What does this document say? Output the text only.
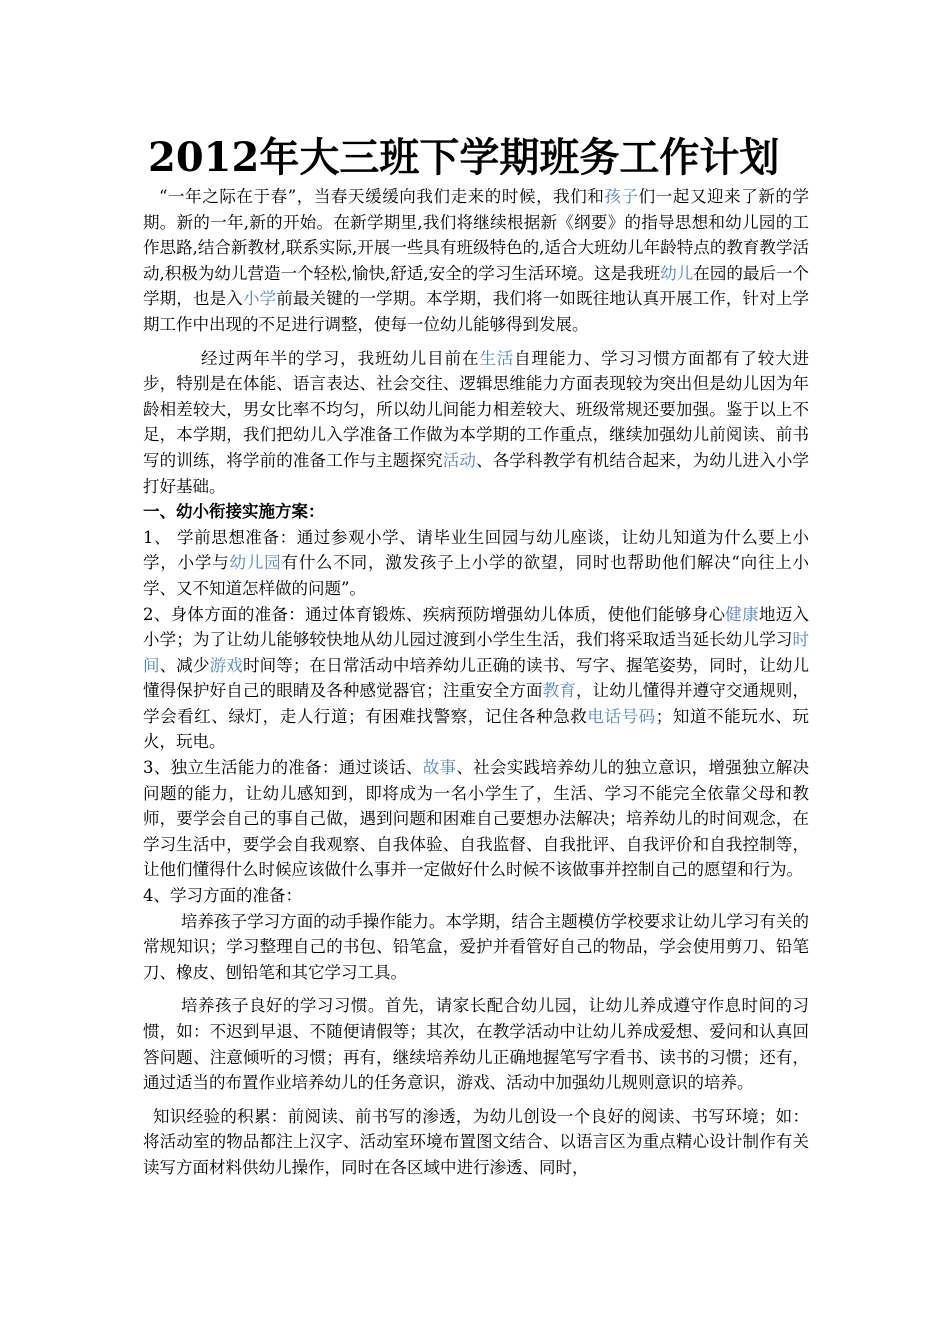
2012年大三班下学期班务工作计划

“一年之际在于春”，当春天缓缓向我们走来的时候，我们和孩子们一起又迎来了新的学期。新的一年,新的开始。在新学期里,我们将继续根据新《纲要》的指导思想和幼儿园的工作思路,结合新教材,联系实际,开展一些具有班级特色的,适合大班幼儿年龄特点的教育教学活动,积极为幼儿营造一个轻松,愉快,舒适,安全的学习生活环境。这是我班幼儿在园的最后一个学期，也是入小学前最关键的一学期。本学期，我们将一如既往地认真开展工作，针对上学期工作中出现的不足进行调整，使每一位幼儿能够得到发展。

经过两年半的学习，我班幼儿目前在生活自理能力、学习习惯方面都有了较大进步，特别是在体能、语言表达、社会交往、逻辑思维能力方面表现较为突出但是幼儿因为年龄相差较大，男女比率不均匀，所以幼儿间能力相差较大、班级常规还要加强。鉴于以上不足，本学期，我们把幼儿入学准备工作做为本学期的工作重点，继续加强幼儿前阅读、前书写的训练，将学前的准备工作与主题探究活动、各学科教学有机结合起来，为幼儿进入小学打好基础。

一、幼小衔接实施方案：

1、 学前思想准备：通过参观小学、请毕业生回园与幼儿座谈，让幼儿知道为什么要上小学，小学与幼儿园有什么不同，激发孩子上小学的欲望，同时也帮助他们解决“向往上小学、又不知道怎样做的问题”。

2、身体方面的准备：通过体育锻炼、疾病预防增强幼儿体质，使他们能够身心健康地迈入小学；为了让幼儿能够较快地从幼儿园过渡到小学生生活，我们将采取适当延长幼儿学习时间、减少游戏时间等；在日常活动中培养幼儿正确的读书、写字、握笔姿势，同时，让幼儿懂得保护好自己的眼睛及各种感觉器官；注重安全方面教育，让幼儿懂得并遵守交通规则，学会看红、绿灯，走人行道；有困难找警察，记住各种急救电话号码；知道不能玩水、玩火，玩电。

3、独立生活能力的准备：通过谈话、故事、社会实践培养幼儿的独立意识，增强独立解决问题的能力，让幼儿感知到，即将成为一名小学生了，生活、学习不能完全依靠父母和教师，要学会自己的事自己做，遇到问题和困难自己要想办法解决；培养幼儿的时间观念，在学习生活中，要学会自我观察、自我体验、自我监督、自我批评、自我评价和自我控制等，让他们懂得什么时候应该做什么事并一定做好什么时候不该做事并控制自己的愿望和行为。

4、学习方面的准备：

培养孩子学习方面的动手操作能力。本学期，结合主题模仿学校要求让幼儿学习有关的常规知识；学习整理自己的书包、铅笔盒，爱护并看管好自己的物品，学会使用剪刀、铅笔刀、橡皮、刨铅笔和其它学习工具。

培养孩子良好的学习习惯。首先，请家长配合幼儿园，让幼儿养成遵守作息时间的习惯，如：不迟到早退、不随便请假等；其次，在教学活动中让幼儿养成爱想、爱问和认真回答问题、注意倾听的习惯；再有，继续培养幼儿正确地握笔写字看书、读书的习惯；还有，通过适当的布置作业培养幼儿的任务意识，游戏、活动中加强幼儿规则意识的培养。

知识经验的积累：前阅读、前书写的渗透，为幼儿创设一个良好的阅读、书写环境；如：将活动室的物品都注上汉字、活动室环境布置图文结合、以语言区为重点精心设计制作有关读写方面材料供幼儿操作，同时在各区域中进行渗透、同时，
